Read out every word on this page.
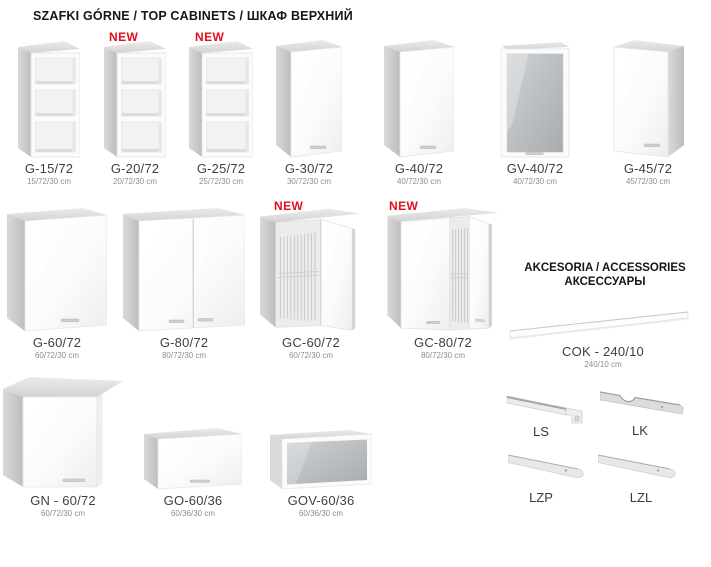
SZAFKI GÓRNE / TOP CABINETS / ШКАФ ВЕРХНИЙ
NEW	NEW
NEW	NEW
G-15/72
15/72/30 cm
G-20/72
20/72/30 cm
G-25/72
25/72/30 cm
G-30/72
30/72/30 cm
G-40/72
40/72/30 cm
GV-40/72
40/72/30 cm
G-45/72
45/72/30 cm
G-60/72
60/72/30 cm
G-80/72
80/72/30 cm
GC-60/72
60/72/30 cm
GC-80/72
80/72/30 cm
AKCESORIA / ACCESSORIES
АКСЕССУАРЫ
COK - 240/10
240/10 cm
LS	LK
LZP	LZL
GN - 60/72
60/72/30 cm
GO-60/36
60/36/30 cm
GOV-60/36
60/36/30 cm
